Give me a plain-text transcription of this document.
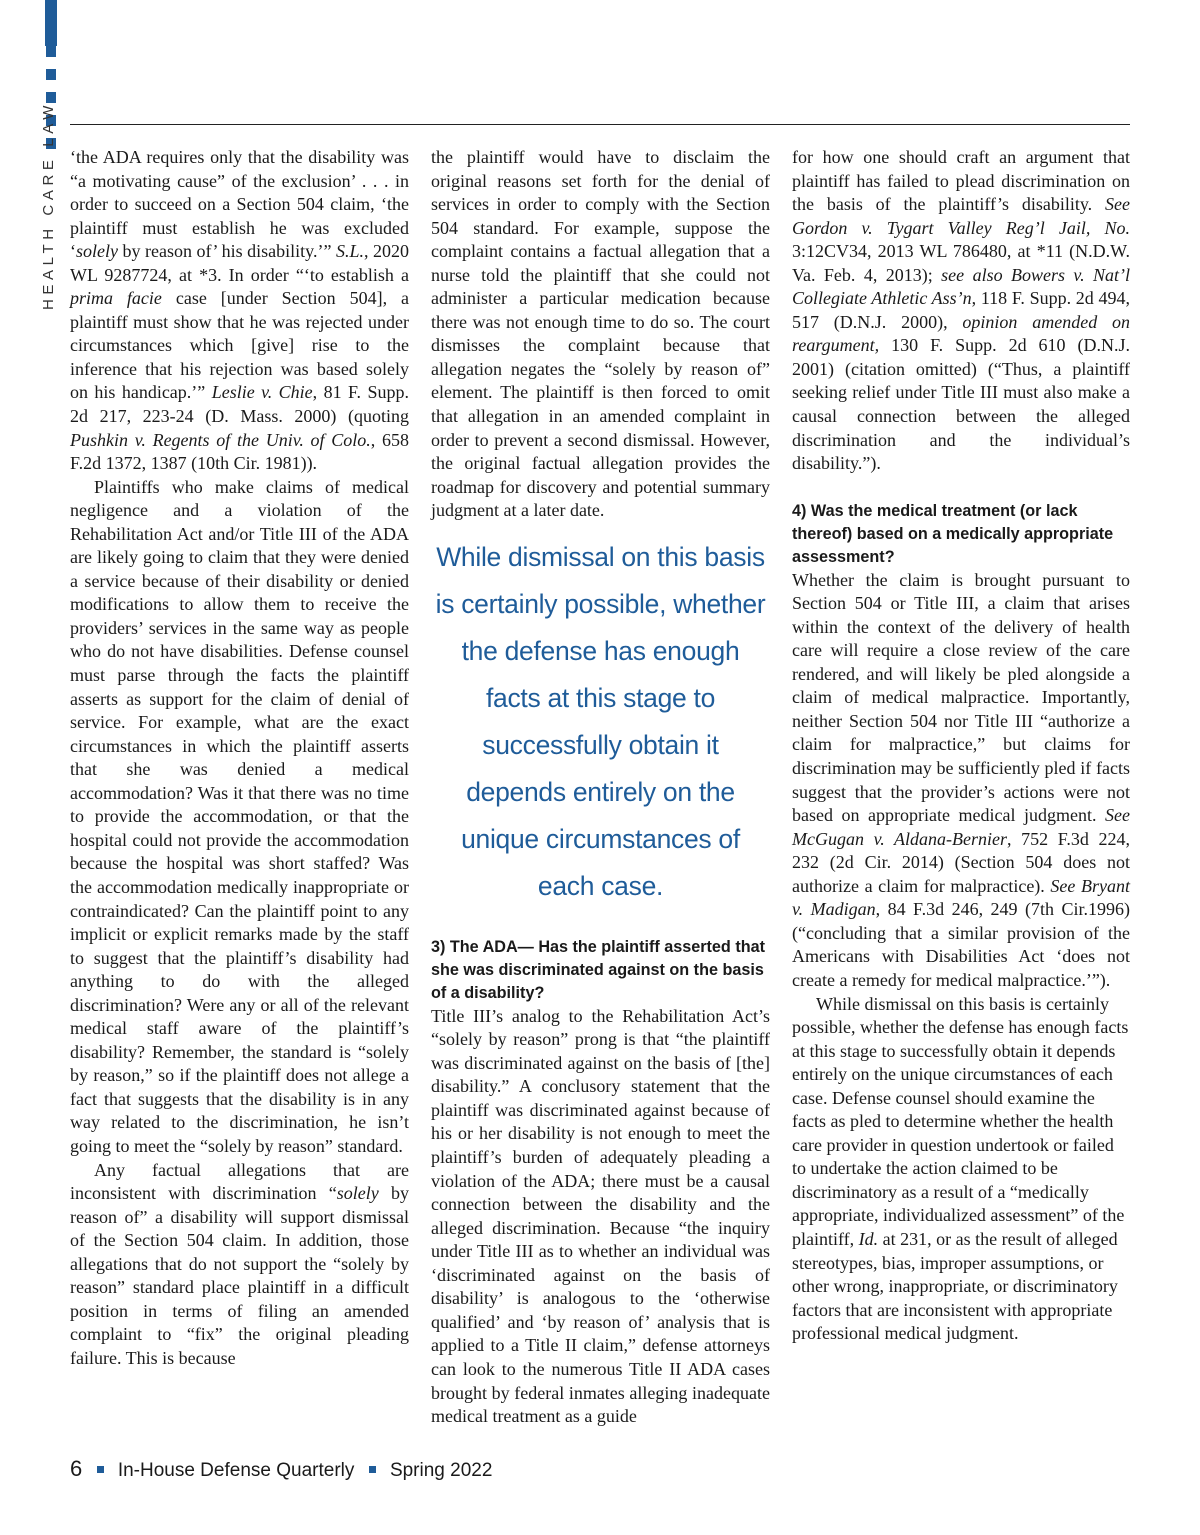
HEALTH CARE LAW ‘the ADA requires only that the disability was “a motivating cause” of the exclusion’ . . . in order to succeed on a Section 504 claim, ‘the plaintiff must establish he was excluded ‘solely by reason of’ his disability.’” S.L., 2020 WL 9287724, at *3. In order “‘to establish a prima facie case [under Section 504], a plaintiff must show that he was rejected under circumstances which [give] rise to the inference that his rejection was based solely on his handicap.’” Leslie v. Chie, 81 F. Supp. 2d 217, 223-24 (D. Mass. 2000) (quoting Pushkin v. Regents of the Univ. of Colo., 658 F.2d 1372, 1387 (10th Cir. 1981)).

Plaintiffs who make claims of medical negligence and a violation of the Rehabilitation Act and/or Title III of the ADA are likely going to claim that they were denied a service because of their disability or denied modifications to allow them to receive the providers’ services in the same way as people who do not have disabilities. Defense counsel must parse through the facts the plaintiff asserts as support for the claim of denial of service. For example, what are the exact circumstances in which the plaintiff asserts that she was denied a medical accommodation? Was it that there was no time to provide the accommodation, or that the hospital could not provide the accommodation because the hospital was short staffed? Was the accommodation medically inappropriate or contraindicated? Can the plaintiff point to any implicit or explicit remarks made by the staff to suggest that the plaintiff’s disability had anything to do with the alleged discrimination? Were any or all of the relevant medical staff aware of the plaintiff’s disability? Remember, the standard is “solely by reason,” so if the plaintiff does not allege a fact that suggests that the disability is in any way related to the discrimination, he isn’t going to meet the “solely by reason” standard.

Any factual allegations that are inconsistent with discrimination “solely by reason of” a disability will support dismissal of the Section 504 claim. In addition, those allegations that do not support the “solely by reason” standard place plaintiff in a difficult position in terms of filing an amended complaint to “fix” the original pleading failure. This is because

the plaintiff would have to disclaim the original reasons set forth for the denial of services in order to comply with the Section 504 standard. For example, suppose the complaint contains a factual allegation that a nurse told the plaintiff that she could not administer a particular medication because there was not enough time to do so. The court dismisses the complaint because that allegation negates the “solely by reason of” element. The plaintiff is then forced to omit that allegation in an amended complaint in order to prevent a second dismissal. However, the original factual allegation provides the roadmap for discovery and potential summary judgment at a later date.

While dismissal on this basis is certainly possible, whether the defense has enough facts at this stage to successfully obtain it depends entirely on the unique circumstances of each case.
3) The ADA— Has the plaintiff asserted that she was discriminated against on the basis of a disability?

Title III’s analog to the Rehabilitation Act’s “solely by reason” prong is that “the plaintiff was discriminated against on the basis of [the] disability.” A conclusory statement that the plaintiff was discriminated against because of his or her disability is not enough to meet the plaintiff’s burden of adequately pleading a violation of the ADA; there must be a causal connection between the disability and the alleged discrimination. Because “the inquiry under Title III as to whether an individual was ‘discriminated against on the basis of disability’ is analogous to the ‘otherwise qualified’ and ‘by reason of’ analysis that is applied to a Title II claim,” defense attorneys can look to the numerous Title II ADA cases brought by federal inmates alleging inadequate medical treatment as a guide

for how one should craft an argument that plaintiff has failed to plead discrimination on the basis of the plaintiff’s disability. See Gordon v. Tygart Valley Reg’l Jail, No. 3:12CV34, 2013 WL 786480, at *11 (N.D.W. Va. Feb. 4, 2013); see also Bowers v. Nat’l Collegiate Athletic Ass’n, 118 F. Supp. 2d 494, 517 (D.N.J. 2000), opinion amended on reargument, 130 F. Supp. 2d 610 (D.N.J. 2001) (citation omitted) (“Thus, a plaintiff seeking relief under Title III must also make a causal connection between the alleged discrimination and the individual’s disability.”).

4) Was the medical treatment (or lack thereof) based on a medically appropriate assessment?

Whether the claim is brought pursuant to Section 504 or Title III, a claim that arises within the context of the delivery of health care will require a close review of the care rendered, and will likely be pled alongside a claim of medical malpractice. Importantly, neither Section 504 nor Title III “authorize a claim for malpractice,” but claims for discrimination may be sufficiently pled if facts suggest that the provider’s actions were not based on appropriate medical judgment. See McGugan v. Aldana-Bernier, 752 F.3d 224, 232 (2d Cir. 2014) (Section 504 does not authorize a claim for malpractice). See Bryant v. Madigan, 84 F.3d 246, 249 (7th Cir.1996) (“concluding that a similar provision of the Americans with Disabilities Act ‘does not create a remedy for medical malpractice.’”).

While dismissal on this basis is certainly possible, whether the defense has enough facts at this stage to successfully obtain it depends entirely on the unique circumstances of each case. Defense counsel should examine the facts as pled to determine whether the health care provider in question undertook or failed to undertake the action claimed to be discriminatory as a result of a “medically appropriate, individualized assessment” of the plaintiff, Id. at 231, or as the result of alleged stereotypes, bias, improper assumptions, or other wrong, inappropriate, or discriminatory factors that are inconsistent with appropriate professional medical judgment.

6 In-House Defense Quarterly Spring 2022
